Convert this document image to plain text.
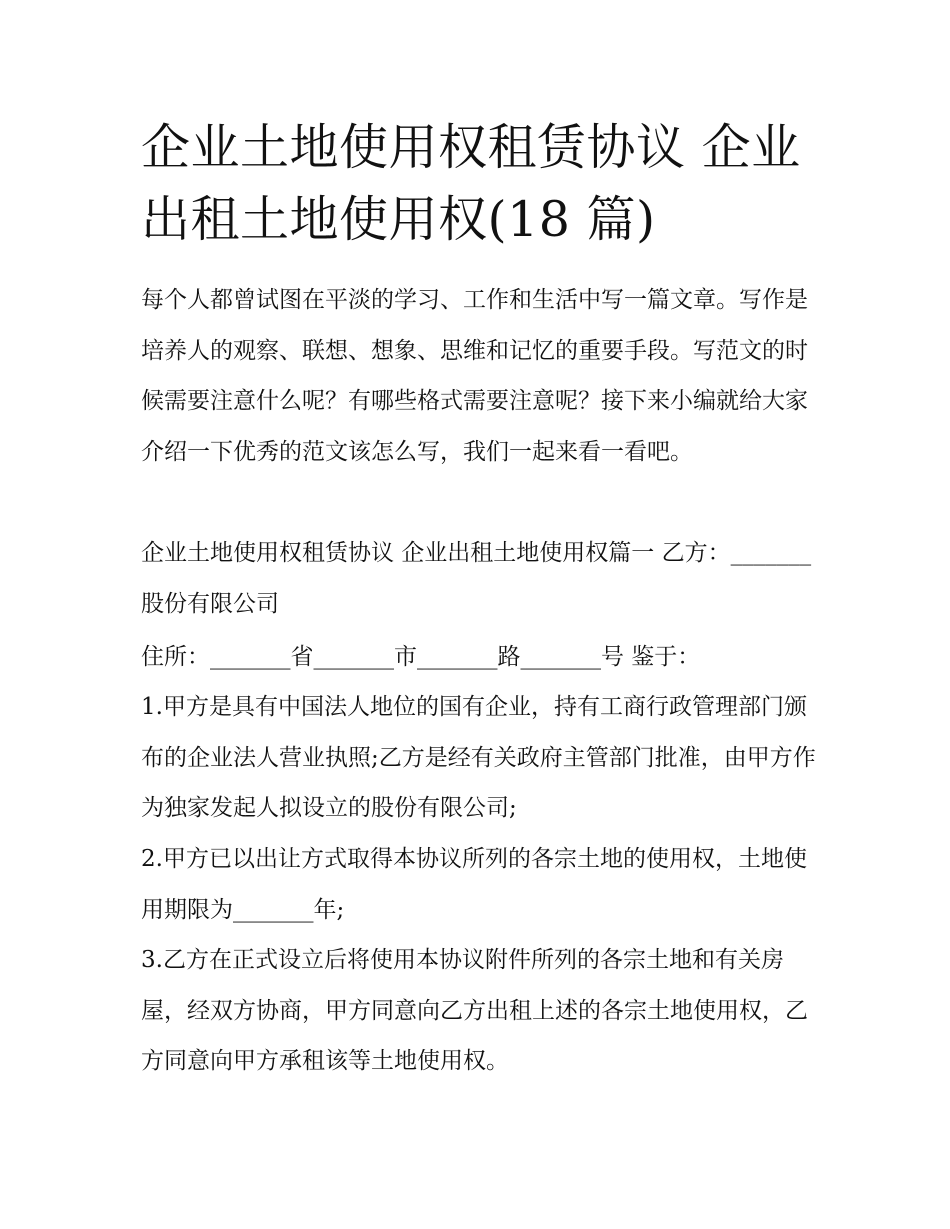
企业土地使用权租赁协议 企业出租土地使用权(18 篇)

每个人都曾试图在平淡的学习、工作和生活中写一篇文章。写作是培养人的观察、联想、想象、思维和记忆的重要手段。写范文的时候需要注意什么呢？有哪些格式需要注意呢？接下来小编就给大家介绍一下优秀的范文该怎么写，我们一起来看一看吧。

企业土地使用权租赁协议 企业出租土地使用权篇一 乙方：_______股份有限公司

住所：_______省_______市_______路_______号 鉴于：

1.甲方是具有中国法人地位的国有企业，持有工商行政管理部门颁布的企业法人营业执照;乙方是经有关政府主管部门批准，由甲方作为独家发起人拟设立的股份有限公司;

2.甲方已以出让方式取得本协议所列的各宗土地的使用权，土地使用期限为_______年;

3.乙方在正式设立后将使用本协议附件所列的各宗土地和有关房屋，经双方协商，甲方同意向乙方出租上述的各宗土地使用权，乙方同意向甲方承租该等土地使用权。
